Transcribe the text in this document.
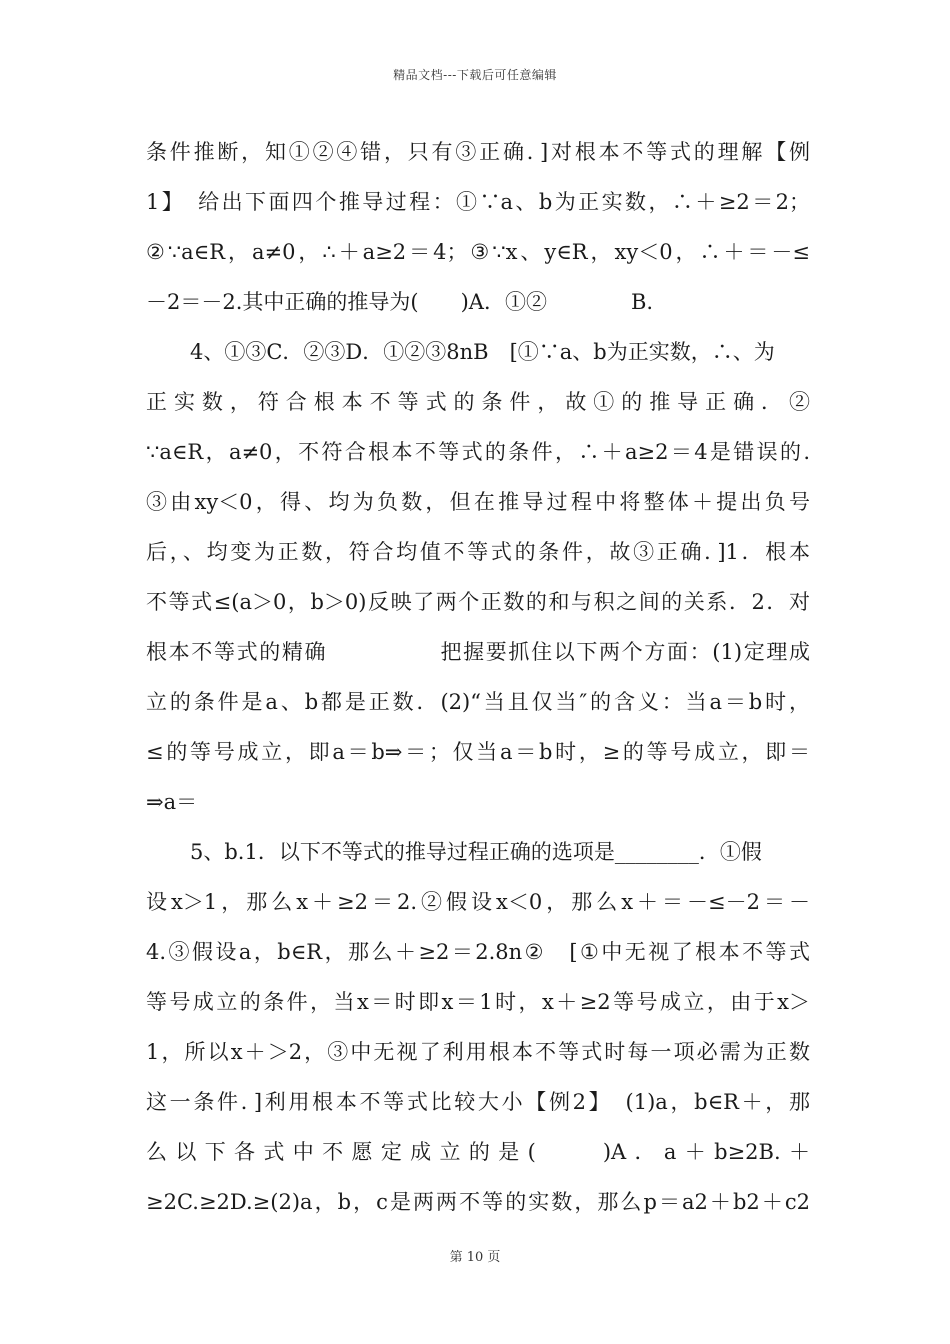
精品文档---下载后可任意编辑
条件推断，知①②④错，只有③正确．]对根本不等式的理解【例
1】　给出下面四个推导过程：①∵a、b为正实数，∴＋≥2＝2；
②∵a∈R，a≠0，∴＋a≥2＝4；③∵x、y∈R，xy＜0，∴＋＝－≤
－2＝－2.其中正确的推导为(　　)A．①②　　　　B.
4、①③C．②③D．①②③8nB　[①∵a、b为正实数，∴、为
正实数，符合根本不等式的条件，故①的推导正确．②
∵a∈R，a≠0，不符合根本不等式的条件，∴＋a≥2＝4是错误的.
③由xy＜0，得、均为负数，但在推导过程中将整体＋提出负号
后，、均变为正数，符合均值不等式的条件，故③正确．]1．根本
不等式≤(a＞0，b＞0)反映了两个正数的和与积之间的关系．2．对
根本不等式的精确　　　　　把握要抓住以下两个方面：(1)定理成
立的条件是a、b都是正数．(2)“当且仅当″的含义：当a＝b时，
≤的等号成立，即a＝b⇒＝；仅当a＝b时，≥的等号成立，即＝
⇒a＝
5、b.1．以下不等式的推导过程正确的选项是________．①假
设x＞1，那么x＋≥2＝2.②假设x＜0，那么x＋＝－≤－2＝－
4.③假设a，b∈R，那么＋≥2＝2.8n②　[①中无视了根本不等式
等号成立的条件，当x＝时即x＝1时，x＋≥2等号成立，由于x＞
1，所以x＋＞2，③中无视了利用根本不等式时每一项必需为正数
这一条件．]利用根本不等式比较大小【例2】　(1)a，b∈R＋，那
么以下各式中不愿定成立的是(　　)A．a＋b≥2B.＋
≥2C.≥2D.≥(2)a，b，c是两两不等的实数，那么p＝a2＋b2＋c2
第 10 页
